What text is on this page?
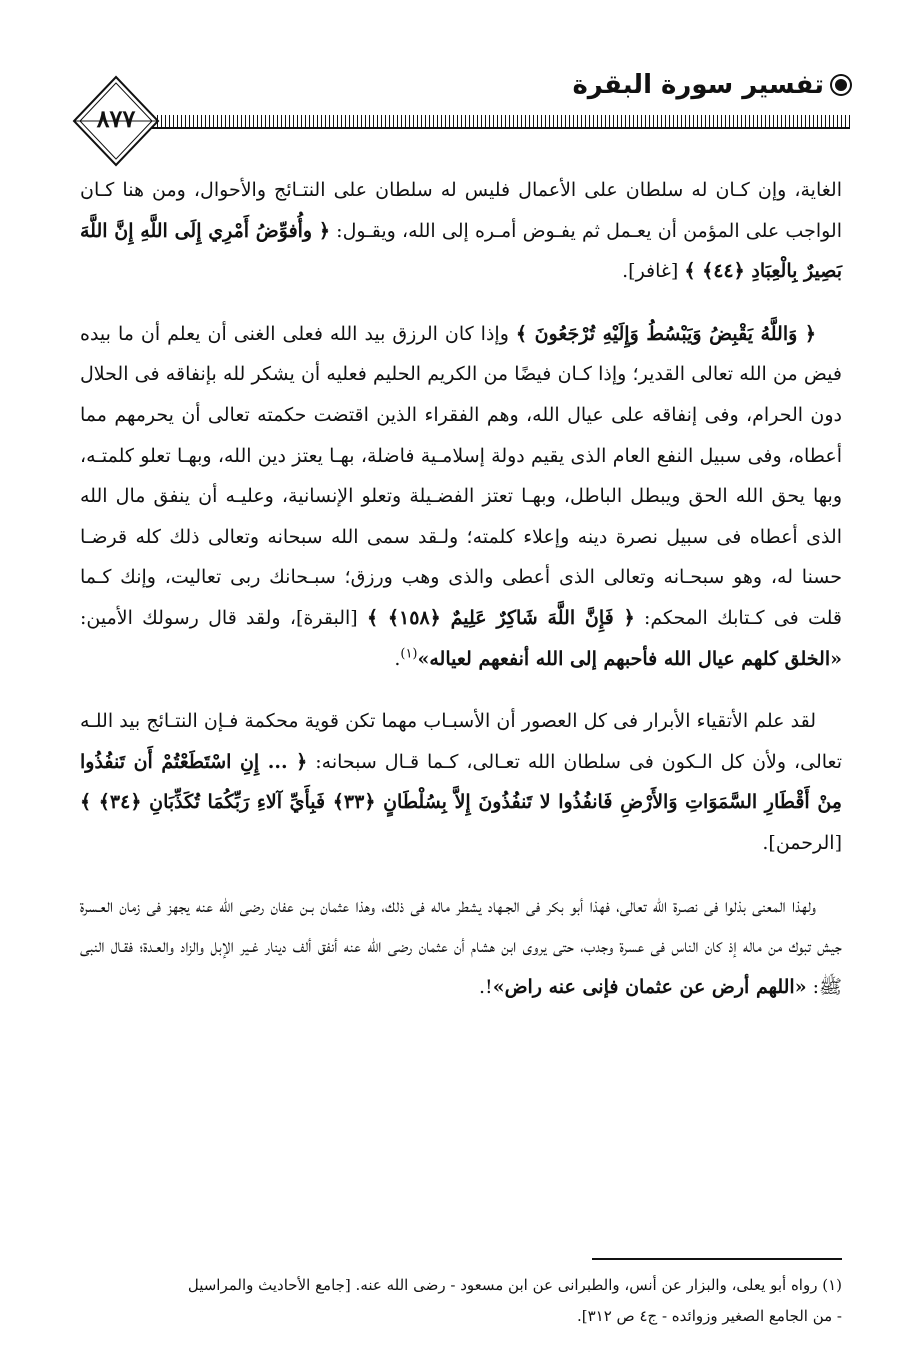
تفسير سورة البقرة
٨٧٧

الغاية، وإن كـان له سلطان على الأعمال فليس له سلطان على النتـائج والأحوال، ومن هنا كـان الواجب على المؤمن أن يعـمل ثم يفـوض أمـره إلى الله، ويقـول: ﴿ وأُفوِّضُ أَمْرِي إِلَى اللَّهِ إِنَّ اللَّهَ بَصِيرٌ بِالْعِبَادِ ﴿٤٤﴾ ﴾ [غافر].

﴿ وَاللَّهُ يَقْبِضُ وَيَبْسُطُ وَإِلَيْهِ تُرْجَعُونَ ﴾ وإذا كان الرزق بيد الله فعلى الغنى أن يعلم أن ما بيده فيض من الله تعالى القدير؛ وإذا كـان فيضًا من الكريم الحليم فعليه أن يشكر لله بإنفاقه فى الحلال دون الحرام، وفى إنفاقه على عيال الله، وهم الفقراء الذين اقتضت حكمته تعالى أن يحرمهم مما أعطاه، وفى سبيل النفع العام الذى يقيم دولة إسلامـية فاضلة، بهـا يعتز دين الله، وبهـا تعلو كلمتـه، وبها يحق الله الحق ويبطل الباطل، وبهـا تعتز الفضـيلة وتعلو الإنسانية، وعليـه أن ينفق مال الله الذى أعطاه فى سبيل نصرة دينه وإعلاء كلمته؛ ولـقد سمى الله سبحانه وتعالى ذلك كله قرضـا حسنا له، وهو سبحـانه وتعالى الذى أعطى والذى وهب ورزق؛ سبـحانك ربى تعاليت، وإنك كـما قلت فى كـتابك المحكم: ﴿ فَإِنَّ اللَّهَ شَاكِرٌ عَلِيمٌ ﴿١٥٨﴾ ﴾ [البقرة]، ولقد قال رسولك الأمين: «الخلق كلهم عيال الله فأحبهم إلى الله أنفعهم لعياله»$^{(١)}$.

لقد علم الأتقياء الأبرار فى كل العصور أن الأسبـاب مهما تكن قوية محكمة فـإن النتـائج بيد اللـه تعالى، ولأن كل الـكون فى سلطان الله تعـالى، كـما قـال سبحانه: ﴿ ... إِنِ اسْتَطَعْتُمْ أَن تَنفُذُوا مِنْ أَقْطَارِ السَّمَوَاتِ وَالأَرْضِ فَانفُذُوا لا تَنفُذُونَ إِلاَّ بِسُلْطَانٍ ﴿٣٣﴾ فَبِأَيِّ آلاءِ رَبِّكُمَا تُكَذِّبَانِ ﴿٣٤﴾ ﴾ [الرحمن].

ولهذا المعنى بذلوا فى نصـرة الله تعالى، فهذا أبو بكر فى الجـهاد يشطر ماله فى ذلك، وهذا عثمان بـن عفان رضى الله عنه يجهز فى زمان العـسرة جيش تبوك من ماله إذ كان الناس فى عسرة وجدب، حتى يروى ابن هشام أن عثمان رضى الله عنه أنفق ألف دينار غـير الإبل والزاد والعـدة؛ فقـال النبى ﷺ: «اللهم أرض عن عثمان فإنى عنه راض»!.

(١) رواه أبو يعلى، والبزار عن أنس، والطبرانى عن ابن مسعود - رضى الله عنه. [جامع الأحاديث والمراسيل

- من الجامع الصغير وزوائده - ج٤ ص ٣١٢].
